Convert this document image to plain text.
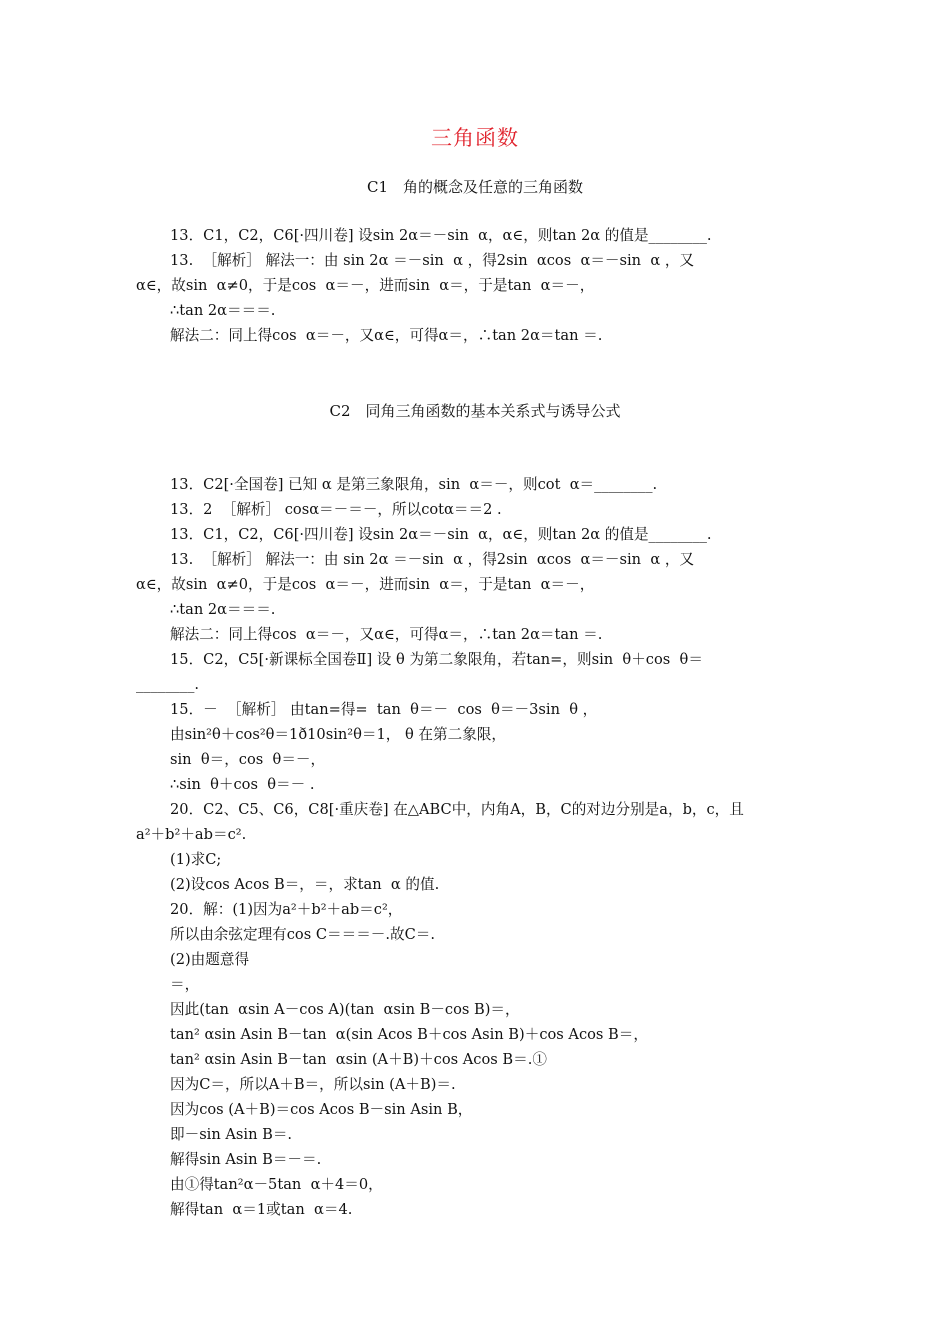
三角函数
C1　角的概念及任意的三角函数
13．C1，C2，C6[·四川卷] 设sin 2α＝－sin  α，α∈，则tan 2α 的值是________.
13.  ［解析］ 解法一：由 sin 2α ＝－sin  α ，得2sin  αcos  α＝－sin  α ，又
α∈，故sin  α≠0，于是cos  α＝－，进而sin  α＝，于是tan  α＝－，
∴tan 2α＝＝＝.
解法二：同上得cos  α＝－，又α∈，可得α＝，∴tan 2α＝tan ＝.
C2　同角三角函数的基本关系式与诱导公式
13．C2[·全国卷] 已知 α 是第三象限角，sin  α＝－，则cot  α＝________.
13．2  ［解析］ cosα＝－＝－，所以cotα＝＝2 .
13．C1，C2，C6[·四川卷] 设sin 2α＝－sin  α，α∈，则tan 2α 的值是________.
13.  ［解析］ 解法一：由 sin 2α ＝－sin  α ，得2sin  αcos  α＝－sin  α ，又
α∈，故sin  α≠0，于是cos  α＝－，进而sin  α＝，于是tan  α＝－，
∴tan 2α＝＝＝.
解法二：同上得cos  α＝－，又α∈，可得α＝，∴tan 2α＝tan ＝.
15．C2，C5[·新课标全国卷Ⅱ] 设 θ 为第二象限角，若tan=，则sin  θ＋cos  θ＝
________.
15．－  ［解析］ 由tan=得=  tan  θ＝－  cos  θ＝－3sin  θ ，
由sin²θ＋cos²θ＝1ð10sin²θ＝1， θ 在第二象限，
sin  θ＝，cos  θ＝－，
∴sin  θ＋cos  θ＝－ .
20．C2、C5、C6，C8[·重庆卷] 在△ABC中，内角A，B，C的对边分别是a，b，c，且
a²＋b²＋ab＝c².
(1)求C;
(2)设cos Acos B＝，＝，求tan  α 的值.
20．解：(1)因为a²＋b²＋ab＝c²，
所以由余弦定理有cos C＝＝＝－.故C＝.
(2)由题意得
＝，
因此(tan  αsin A－cos A)(tan  αsin B－cos B)＝，
tan² αsin Asin B－tan  α(sin Acos B＋cos Asin B)＋cos Acos B＝，
tan² αsin Asin B－tan  αsin (A＋B)＋cos Acos B＝.①
因为C＝，所以A＋B＝，所以sin (A＋B)＝.
因为cos (A＋B)＝cos Acos B－sin Asin B，
即－sin Asin B＝.
解得sin Asin B＝－＝.
由①得tan²α－5tan  α＋4＝0，
解得tan  α＝1或tan  α＝4.
